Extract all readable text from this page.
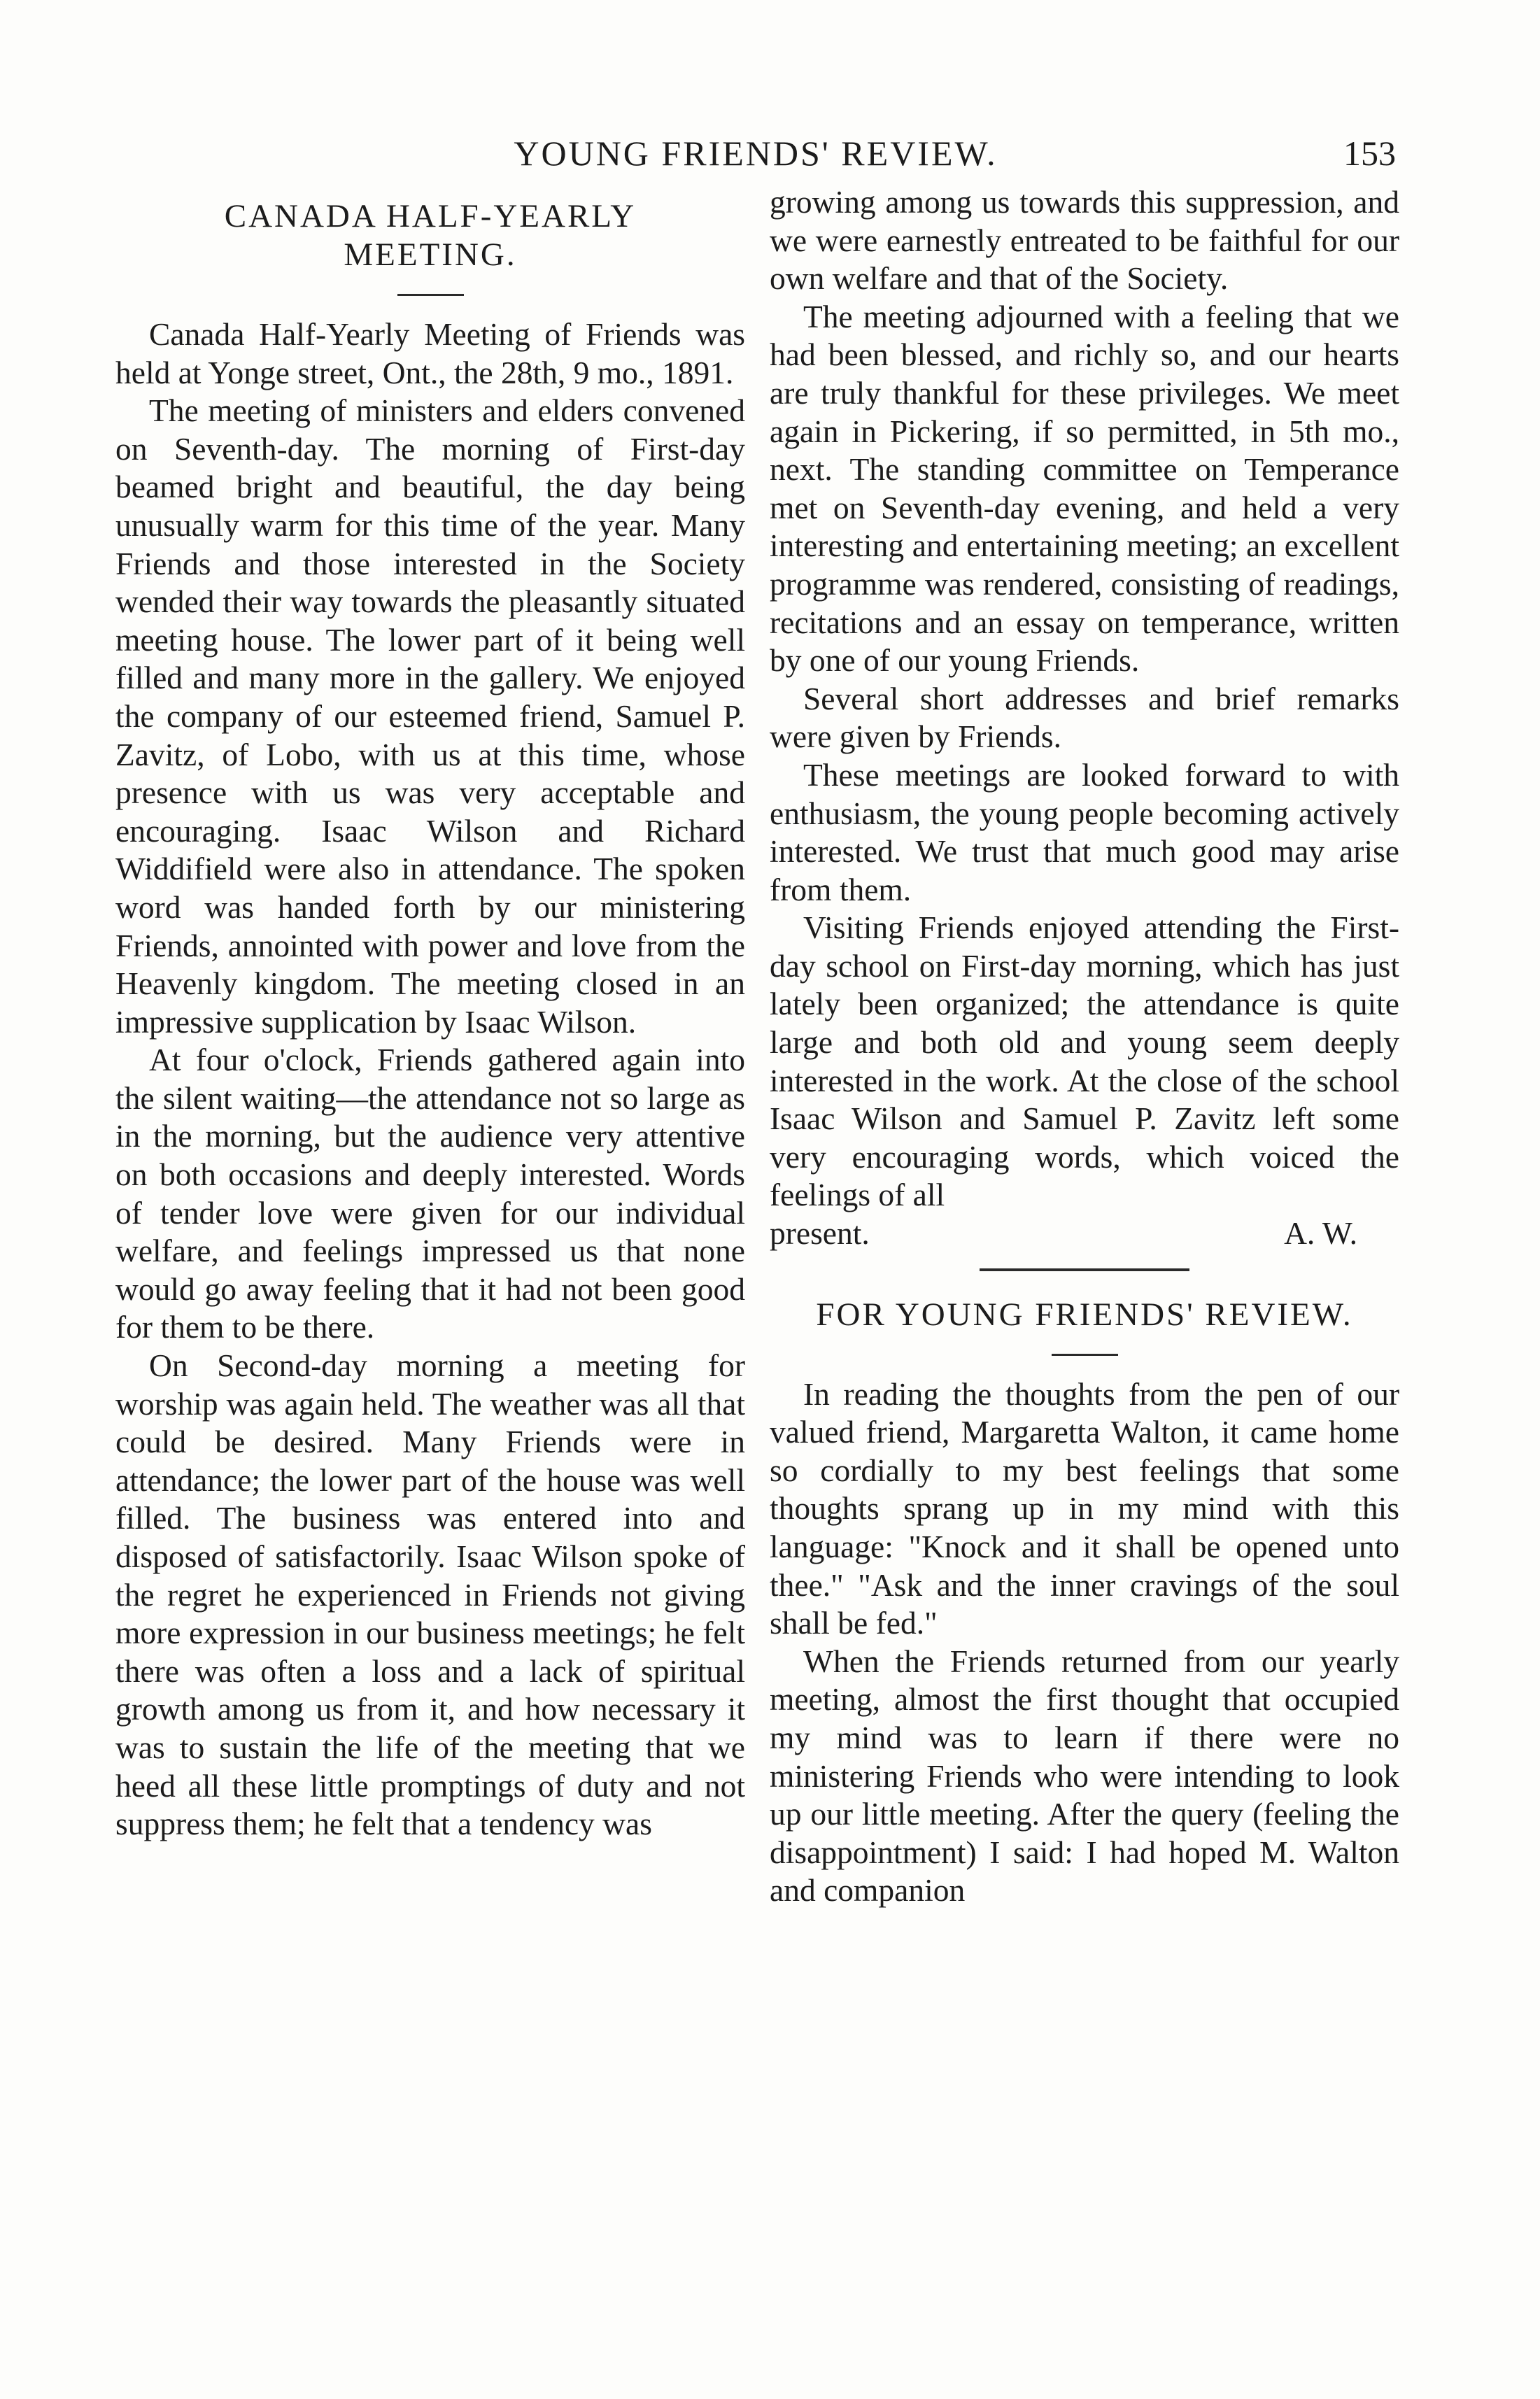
YOUNG FRIENDS' REVIEW.	153
CANADA HALF-YEARLY
MEETING.

Canada Half-Yearly Meeting of Friends was held at Yonge street, Ont., the 28th, 9 mo., 1891.

The meeting of ministers and elders convened on Seventh-day. The morning of First-day beamed bright and beautiful, the day being unusually warm for this time of the year. Many Friends and those interested in the Society wended their way towards the pleasantly situated meeting house. The lower part of it being well filled and many more in the gallery. We enjoyed the company of our esteemed friend, Samuel P. Zavitz, of Lobo, with us at this time, whose presence with us was very acceptable and encouraging. Isaac Wilson and Richard Widdifield were also in attendance. The spoken word was handed forth by our ministering Friends, annointed with power and love from the Heavenly kingdom. The meeting closed in an impressive supplication by Isaac Wilson.

At four o'clock, Friends gathered again into the silent waiting—the attendance not so large as in the morning, but the audience very attentive on both occasions and deeply interested. Words of tender love were given for our individual welfare, and feelings impressed us that none would go away feeling that it had not been good for them to be there.

On Second-day morning a meeting for worship was again held. The weather was all that could be desired. Many Friends were in attendance; the lower part of the house was well filled. The business was entered into and disposed of satisfactorily. Isaac Wilson spoke of the regret he experienced in Friends not giving more expression in our business meetings; he felt there was often a loss and a lack of spiritual growth among us from it, and how necessary it was to sustain the life of the meeting that we heed all these little promptings of duty and not suppress them; he felt that a tendency was

growing among us towards this suppression, and we were earnestly entreated to be faithful for our own welfare and that of the Society.

The meeting adjourned with a feeling that we had been blessed, and richly so, and our hearts are truly thankful for these privileges. We meet again in Pickering, if so permitted, in 5th mo., next. The standing committee on Temperance met on Seventh-day evening, and held a very interesting and entertaining meeting; an excellent programme was rendered, consisting of readings, recitations and an essay on temperance, written by one of our young Friends.

Several short addresses and brief remarks were given by Friends.

These meetings are looked forward to with enthusiasm, the young people becoming actively interested. We trust that much good may arise from them.

Visiting Friends enjoyed attending the First-day school on First-day morning, which has just lately been organized; the attendance is quite large and both old and young seem deeply interested in the work. At the close of the school Isaac Wilson and Samuel P. Zavitz left some very encouraging words, which voiced the feelings of all

present.	A. W.
FOR YOUNG FRIENDS' REVIEW.

In reading the thoughts from the pen of our valued friend, Margaretta Walton, it came home so cordially to my best feelings that some thoughts sprang up in my mind with this language: "Knock and it shall be opened unto thee." "Ask and the inner cravings of the soul shall be fed."

When the Friends returned from our yearly meeting, almost the first thought that occupied my mind was to learn if there were no ministering Friends who were intending to look up our little meeting. After the query (feeling the disappointment) I said: I had hoped M. Walton and companion
